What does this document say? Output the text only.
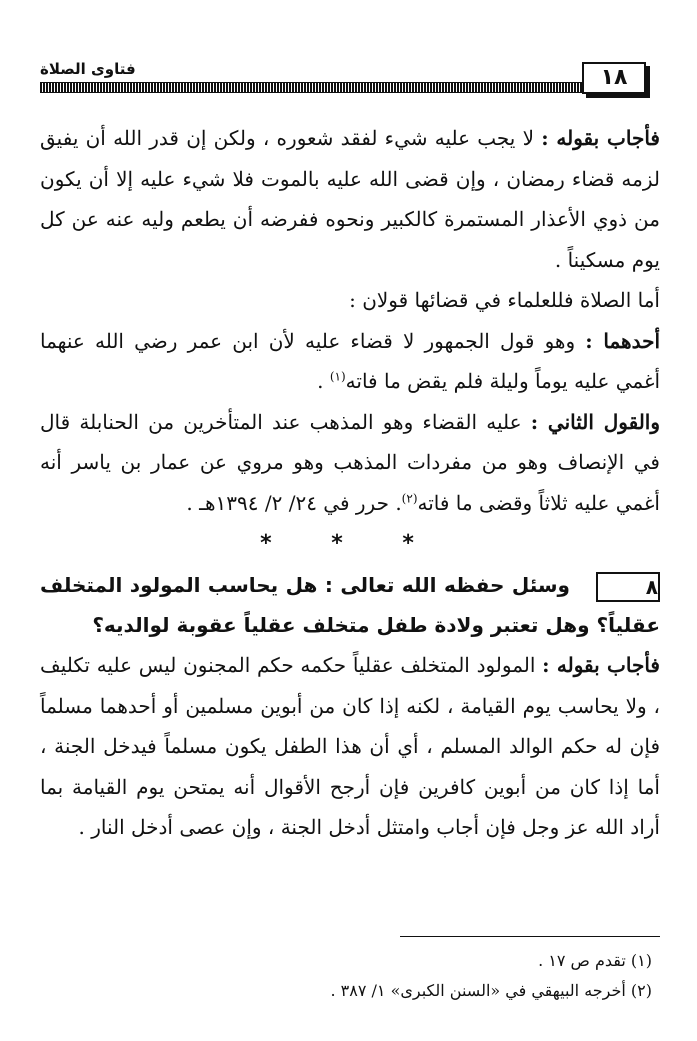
فتاوى الصلاة	١٨

فأجاب بقوله : لا يجب عليه شيء لفقد شعوره ، ولكن إن قدر الله أن يفيق لزمه قضاء رمضان ، وإن قضى الله عليه بالموت فلا شيء عليه إلا أن يكون من ذوي الأعذار المستمرة كالكبير ونحوه ففرضه أن يطعم وليه عنه عن كل يوم مسكيناً .

أما الصلاة فللعلماء في قضائها قولان :

أحدهما : وهو قول الجمهور لا قضاء عليه لأن ابن عمر رضي الله عنهما أغمي عليه يوماً وليلة فلم يقض ما فاته$^{(١)}$ .

والقول الثاني : عليه القضاء وهو المذهب عند المتأخرين من الحنابلة قال في الإنصاف وهو من مفردات المذهب وهو مروي عن عمار بن ياسر أنه أغمي عليه ثلاثاً وقضى ما فاته$^{(٢)}$. حرر في ٢٤/ ٢/ ١٣٩٤هـ .

* * *

٨وسئل حفظه الله تعالى : هل يحاسب المولود المتخلف عقلياً؟ وهل تعتبر ولادة طفل متخلف عقلياً عقوبة لوالديه؟

فأجاب بقوله : المولود المتخلف عقلياً حكمه حكم المجنون ليس عليه تكليف ، ولا يحاسب يوم القيامة ، لكنه إذا كان من أبوين مسلمين أو أحدهما مسلماً فإن له حكم الوالد المسلم ، أي أن هذا الطفل يكون مسلماً فيدخل الجنة ، أما إذا كان من أبوين كافرين فإن أرجح الأقوال أنه يمتحن يوم القيامة بما أراد الله عز وجل فإن أجاب وامتثل أدخل الجنة ، وإن عصى أدخل النار .

(١) تقدم ص ١٧ .

(٢) أخرجه البيهقي في «السنن الكبرى» ١/ ٣٨٧ .
